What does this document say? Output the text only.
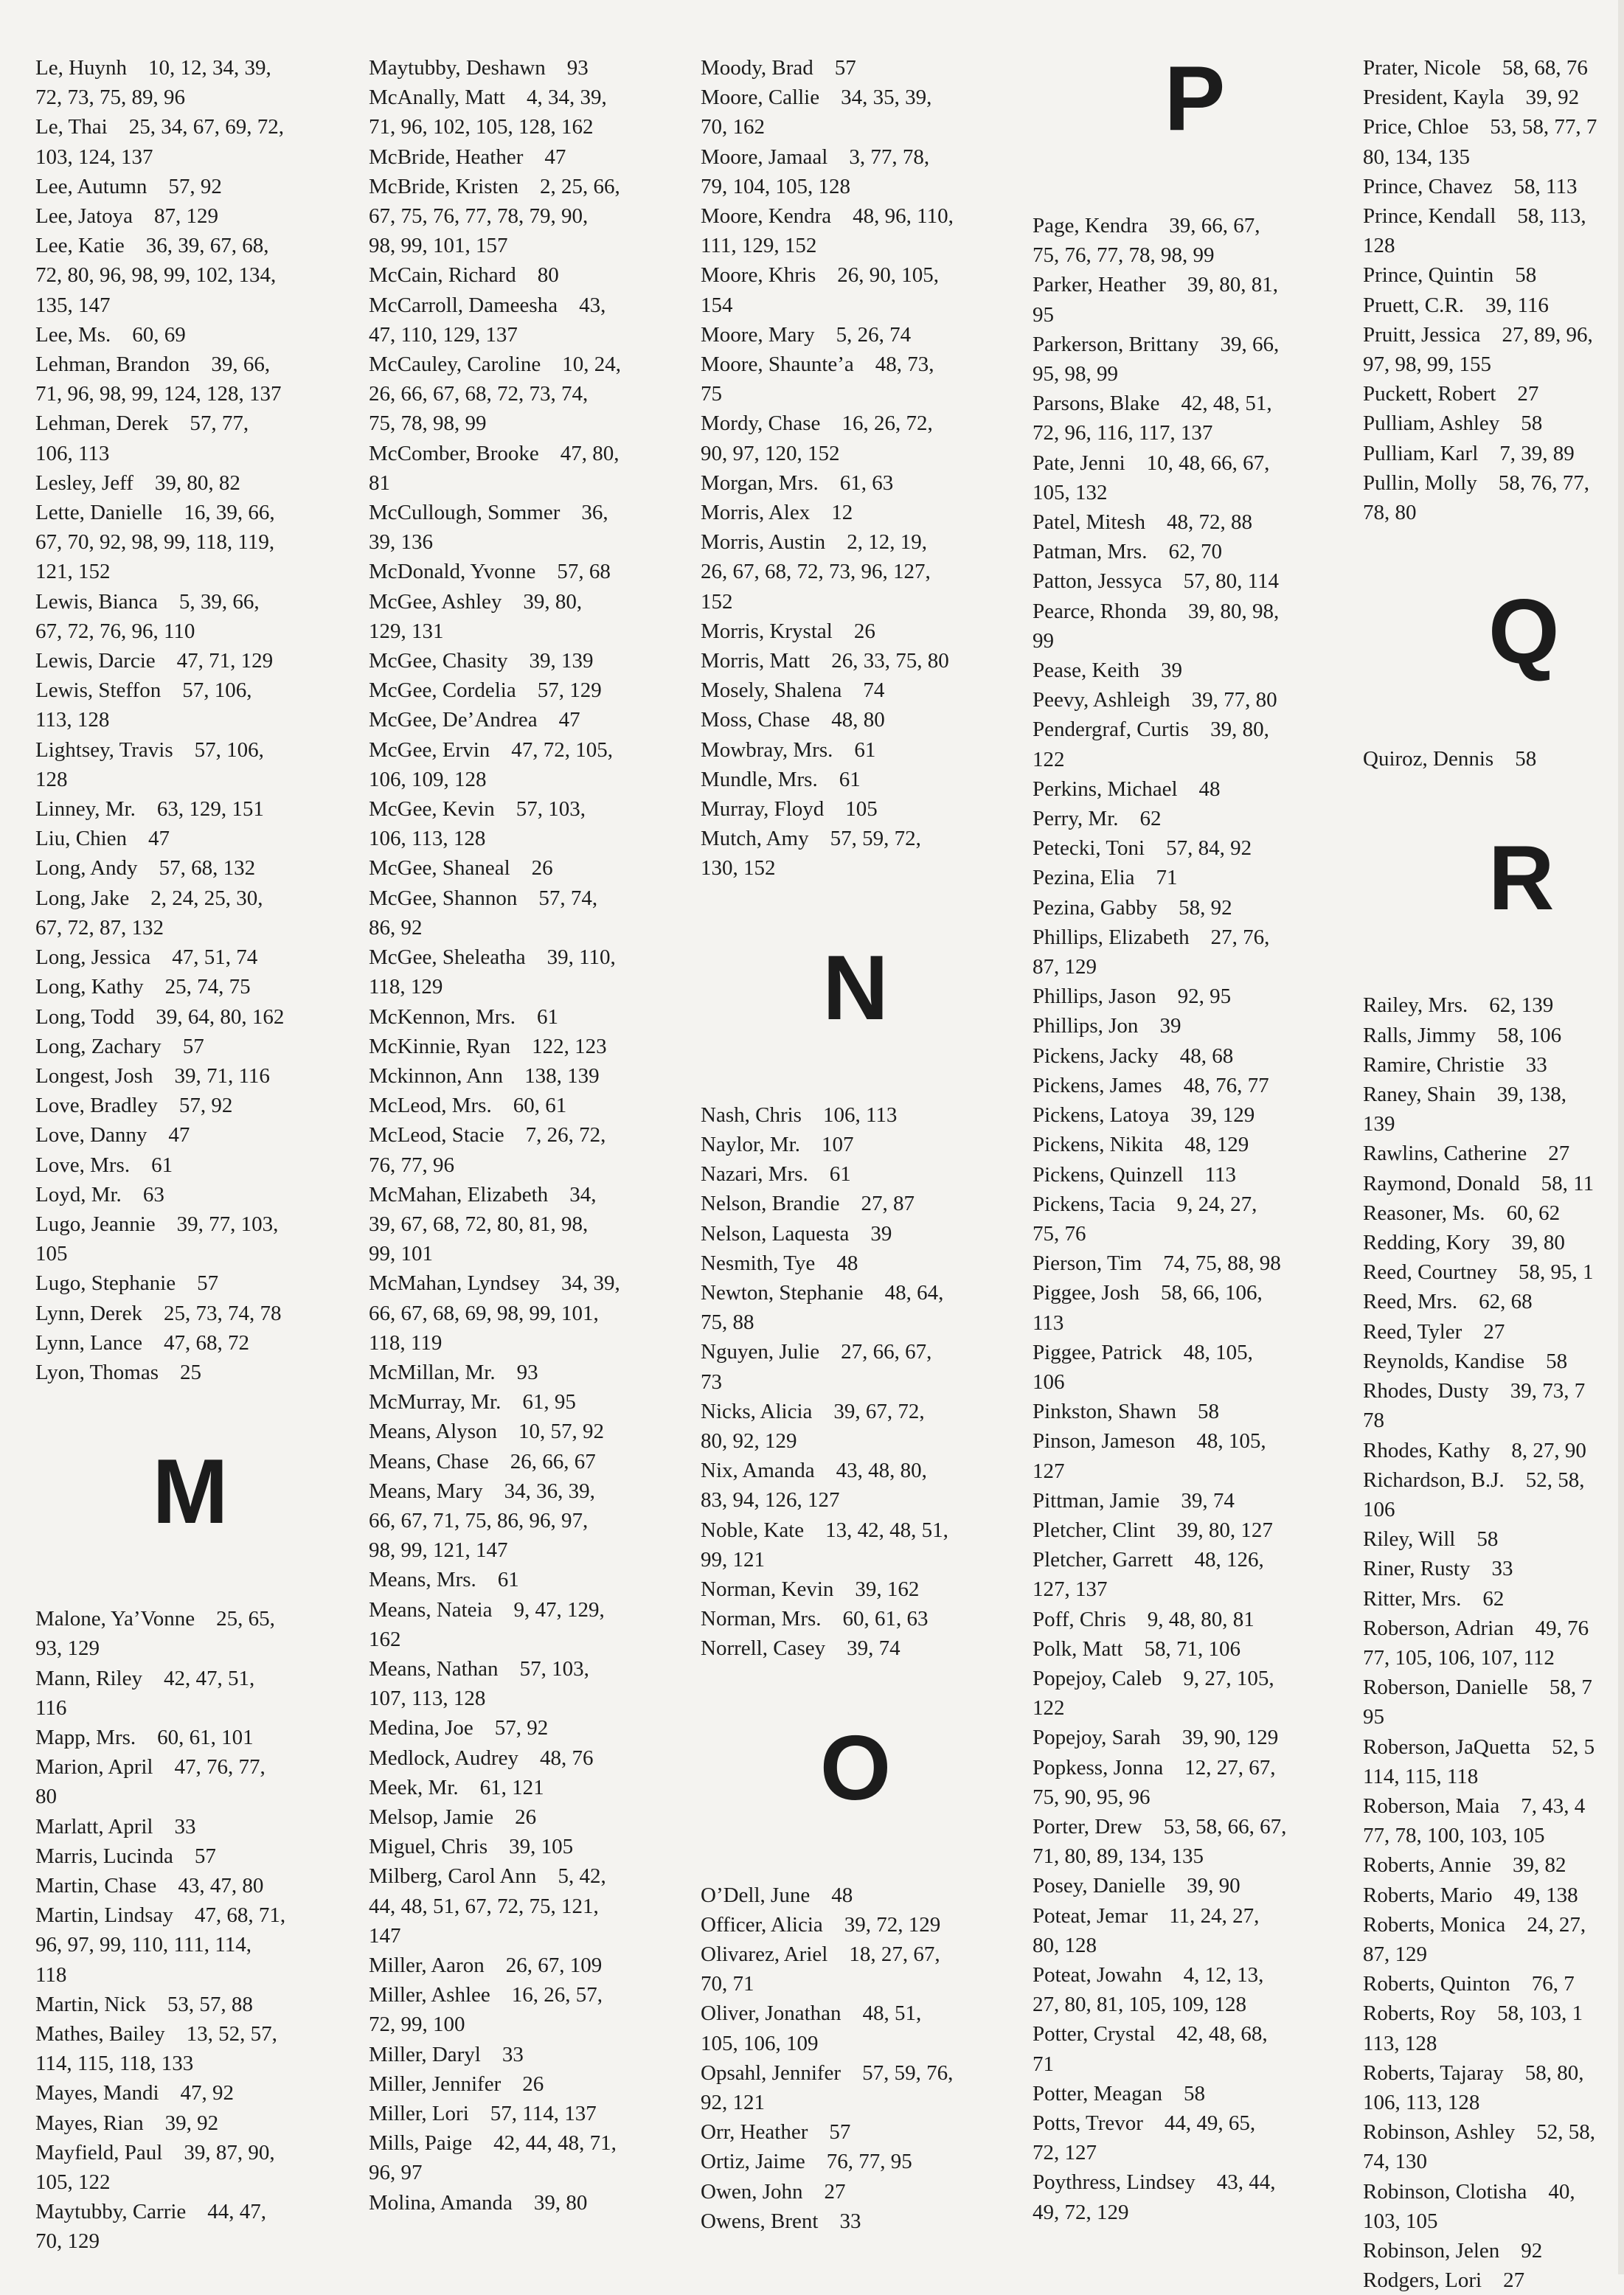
Le, Huynh  10, 12, 34, 39,
72, 73, 75, 89, 96
Le, Thai  25, 34, 67, 69, 72,
103, 124, 137
Lee, Autumn  57, 92
Lee, Jatoya  87, 129
Lee, Katie  36, 39, 67, 68,
72, 80, 96, 98, 99, 102, 134,
135, 147
Lee, Ms.  60, 69
Lehman, Brandon  39, 66,
71, 96, 98, 99, 124, 128, 137
Lehman, Derek  57, 77,
106, 113
Lesley, Jeff  39, 80, 82
Lette, Danielle  16, 39, 66,
67, 70, 92, 98, 99, 118, 119,
121, 152
Lewis, Bianca  5, 39, 66,
67, 72, 76, 96, 110
Lewis, Darcie  47, 71, 129
Lewis, Steffon  57, 106,
113, 128
Lightsey, Travis  57, 106,
128
Linney, Mr.  63, 129, 151
Liu, Chien  47
Long, Andy  57, 68, 132
Long, Jake  2, 24, 25, 30,
67, 72, 87, 132
Long, Jessica  47, 51, 74
Long, Kathy  25, 74, 75
Long, Todd  39, 64, 80, 162
Long, Zachary  57
Longest, Josh  39, 71, 116
Love, Bradley  57, 92
Love, Danny  47
Love, Mrs.  61
Loyd, Mr.  63
Lugo, Jeannie  39, 77, 103,
105
Lugo, Stephanie  57
Lynn, Derek  25, 73, 74, 78
Lynn, Lance  47, 68, 72
Lyon, Thomas  25
M
Malone, Ya’Vonne  25, 65,
93, 129
Mann, Riley  42, 47, 51,
116
Mapp, Mrs.  60, 61, 101
Marion, April  47, 76, 77,
80
Marlatt, April  33
Marris, Lucinda  57
Martin, Chase  43, 47, 80
Martin, Lindsay  47, 68, 71,
96, 97, 99, 110, 111, 114,
118
Martin, Nick  53, 57, 88
Mathes, Bailey  13, 52, 57,
114, 115, 118, 133
Mayes, Mandi  47, 92
Mayes, Rian  39, 92
Mayfield, Paul  39, 87, 90,
105, 122
Maytubby, Carrie  44, 47,
70, 129
Maytubby, Deshawn  93
McAnally, Matt  4, 34, 39,
71, 96, 102, 105, 128, 162
McBride, Heather  47
McBride, Kristen  2, 25, 66,
67, 75, 76, 77, 78, 79, 90,
98, 99, 101, 157
McCain, Richard  80
McCarroll, Dameesha  43,
47, 110, 129, 137
McCauley, Caroline  10, 24,
26, 66, 67, 68, 72, 73, 74,
75, 78, 98, 99
McComber, Brooke  47, 80,
81
McCullough, Sommer  36,
39, 136
McDonald, Yvonne  57, 68
McGee, Ashley  39, 80,
129, 131
McGee, Chasity  39, 139
McGee, Cordelia  57, 129
McGee, De’Andrea  47
McGee, Ervin  47, 72, 105,
106, 109, 128
McGee, Kevin  57, 103,
106, 113, 128
McGee, Shaneal  26
McGee, Shannon  57, 74,
86, 92
McGee, Sheleatha  39, 110,
118, 129
McKennon, Mrs.  61
McKinnie, Ryan  122, 123
Mckinnon, Ann  138, 139
McLeod, Mrs.  60, 61
McLeod, Stacie  7, 26, 72,
76, 77, 96
McMahan, Elizabeth  34,
39, 67, 68, 72, 80, 81, 98,
99, 101
McMahan, Lyndsey  34, 39,
66, 67, 68, 69, 98, 99, 101,
118, 119
McMillan, Mr.  93
McMurray, Mr.  61, 95
Means, Alyson  10, 57, 92
Means, Chase  26, 66, 67
Means, Mary  34, 36, 39,
66, 67, 71, 75, 86, 96, 97,
98, 99, 121, 147
Means, Mrs.  61
Means, Nateia  9, 47, 129,
162
Means, Nathan  57, 103,
107, 113, 128
Medina, Joe  57, 92
Medlock, Audrey  48, 76
Meek, Mr.  61, 121
Melsop, Jamie  26
Miguel, Chris  39, 105
Milberg, Carol Ann  5, 42,
44, 48, 51, 67, 72, 75, 121,
147
Miller, Aaron  26, 67, 109
Miller, Ashlee  16, 26, 57,
72, 99, 100
Miller, Daryl  33
Miller, Jennifer  26
Miller, Lori  57, 114, 137
Mills, Paige  42, 44, 48, 71,
96, 97
Molina, Amanda  39, 80
Moody, Brad  57
Moore, Callie  34, 35, 39,
70, 162
Moore, Jamaal  3, 77, 78,
79, 104, 105, 128
Moore, Kendra  48, 96, 110,
111, 129, 152
Moore, Khris  26, 90, 105,
154
Moore, Mary  5, 26, 74
Moore, Shaunte’a  48, 73,
75
Mordy, Chase  16, 26, 72,
90, 97, 120, 152
Morgan, Mrs.  61, 63
Morris, Alex  12
Morris, Austin  2, 12, 19,
26, 67, 68, 72, 73, 96, 127,
152
Morris, Krystal  26
Morris, Matt  26, 33, 75, 80
Mosely, Shalena  74
Moss, Chase  48, 80
Mowbray, Mrs.  61
Mundle, Mrs.  61
Murray, Floyd  105
Mutch, Amy  57, 59, 72,
130, 152
N
Nash, Chris  106, 113
Naylor, Mr.  107
Nazari, Mrs.  61
Nelson, Brandie  27, 87
Nelson, Laquesta  39
Nesmith, Tye  48
Newton, Stephanie  48, 64,
75, 88
Nguyen, Julie  27, 66, 67,
73
Nicks, Alicia  39, 67, 72,
80, 92, 129
Nix, Amanda  43, 48, 80,
83, 94, 126, 127
Noble, Kate  13, 42, 48, 51,
99, 121
Norman, Kevin  39, 162
Norman, Mrs.  60, 61, 63
Norrell, Casey  39, 74
O
O’Dell, June  48
Officer, Alicia  39, 72, 129
Olivarez, Ariel  18, 27, 67,
70, 71
Oliver, Jonathan  48, 51,
105, 106, 109
Opsahl, Jennifer  57, 59, 76,
92, 121
Orr, Heather  57
Ortiz, Jaime  76, 77, 95
Owen, John  27
Owens, Brent  33
P
Page, Kendra  39, 66, 67,
75, 76, 77, 78, 98, 99
Parker, Heather  39, 80, 81,
95
Parkerson, Brittany  39, 66,
95, 98, 99
Parsons, Blake  42, 48, 51,
72, 96, 116, 117, 137
Pate, Jenni  10, 48, 66, 67,
105, 132
Patel, Mitesh  48, 72, 88
Patman, Mrs.  62, 70
Patton, Jessyca  57, 80, 114
Pearce, Rhonda  39, 80, 98,
99
Pease, Keith  39
Peevy, Ashleigh  39, 77, 80
Pendergraf, Curtis  39, 80,
122
Perkins, Michael  48
Perry, Mr.  62
Petecki, Toni  57, 84, 92
Pezina, Elia  71
Pezina, Gabby  58, 92
Phillips, Elizabeth  27, 76,
87, 129
Phillips, Jason  92, 95
Phillips, Jon  39
Pickens, Jacky  48, 68
Pickens, James  48, 76, 77
Pickens, Latoya  39, 129
Pickens, Nikita  48, 129
Pickens, Quinzell  113
Pickens, Tacia  9, 24, 27,
75, 76
Pierson, Tim  74, 75, 88, 98
Piggee, Josh  58, 66, 106,
113
Piggee, Patrick  48, 105,
106
Pinkston, Shawn  58
Pinson, Jameson  48, 105,
127
Pittman, Jamie  39, 74
Pletcher, Clint  39, 80, 127
Pletcher, Garrett  48, 126,
127, 137
Poff, Chris  9, 48, 80, 81
Polk, Matt  58, 71, 106
Popejoy, Caleb  9, 27, 105,
122
Popejoy, Sarah  39, 90, 129
Popkess, Jonna  12, 27, 67,
75, 90, 95, 96
Porter, Drew  53, 58, 66, 67,
71, 80, 89, 134, 135
Posey, Danielle  39, 90
Poteat, Jemar  11, 24, 27,
80, 128
Poteat, Jowahn  4, 12, 13,
27, 80, 81, 105, 109, 128
Potter, Crystal  42, 48, 68,
71
Potter, Meagan  58
Potts, Trevor  44, 49, 65,
72, 127
Poythress, Lindsey  43, 44,
49, 72, 129
Prater, Nicole  58, 68, 76
President, Kayla  39, 92
Price, Chloe  53, 58, 77, 7
80, 134, 135
Prince, Chavez  58, 113
Prince, Kendall  58, 113,
128
Prince, Quintin  58
Pruett, C.R.  39, 116
Pruitt, Jessica  27, 89, 96,
97, 98, 99, 155
Puckett, Robert  27
Pulliam, Ashley  58
Pulliam, Karl  7, 39, 89
Pullin, Molly  58, 76, 77,
78, 80
Q
Quiroz, Dennis  58
R
Railey, Mrs.  62, 139
Ralls, Jimmy  58, 106
Ramire, Christie  33
Raney, Shain  39, 138,
139
Rawlins, Catherine  27
Raymond, Donald  58, 11
Reasoner, Ms.  60, 62
Redding, Kory  39, 80
Reed, Courtney  58, 95, 1
Reed, Mrs.  62, 68
Reed, Tyler  27
Reynolds, Kandise  58
Rhodes, Dusty  39, 73, 7
78
Rhodes, Kathy  8, 27, 90
Richardson, B.J.  52, 58,
106
Riley, Will  58
Riner, Rusty  33
Ritter, Mrs.  62
Roberson, Adrian  49, 76
77, 105, 106, 107, 112
Roberson, Danielle  58, 7
95
Roberson, JaQuetta  52, 5
114, 115, 118
Roberson, Maia  7, 43, 4
77, 78, 100, 103, 105
Roberts, Annie  39, 82
Roberts, Mario  49, 138
Roberts, Monica  24, 27,
87, 129
Roberts, Quinton  76, 7
Roberts, Roy  58, 103, 1
113, 128
Roberts, Tajaray  58, 80,
106, 113, 128
Robinson, Ashley  52, 58,
74, 130
Robinson, Clotisha  40,
103, 105
Robinson, Jelen  92
Rodgers, Lori  27
